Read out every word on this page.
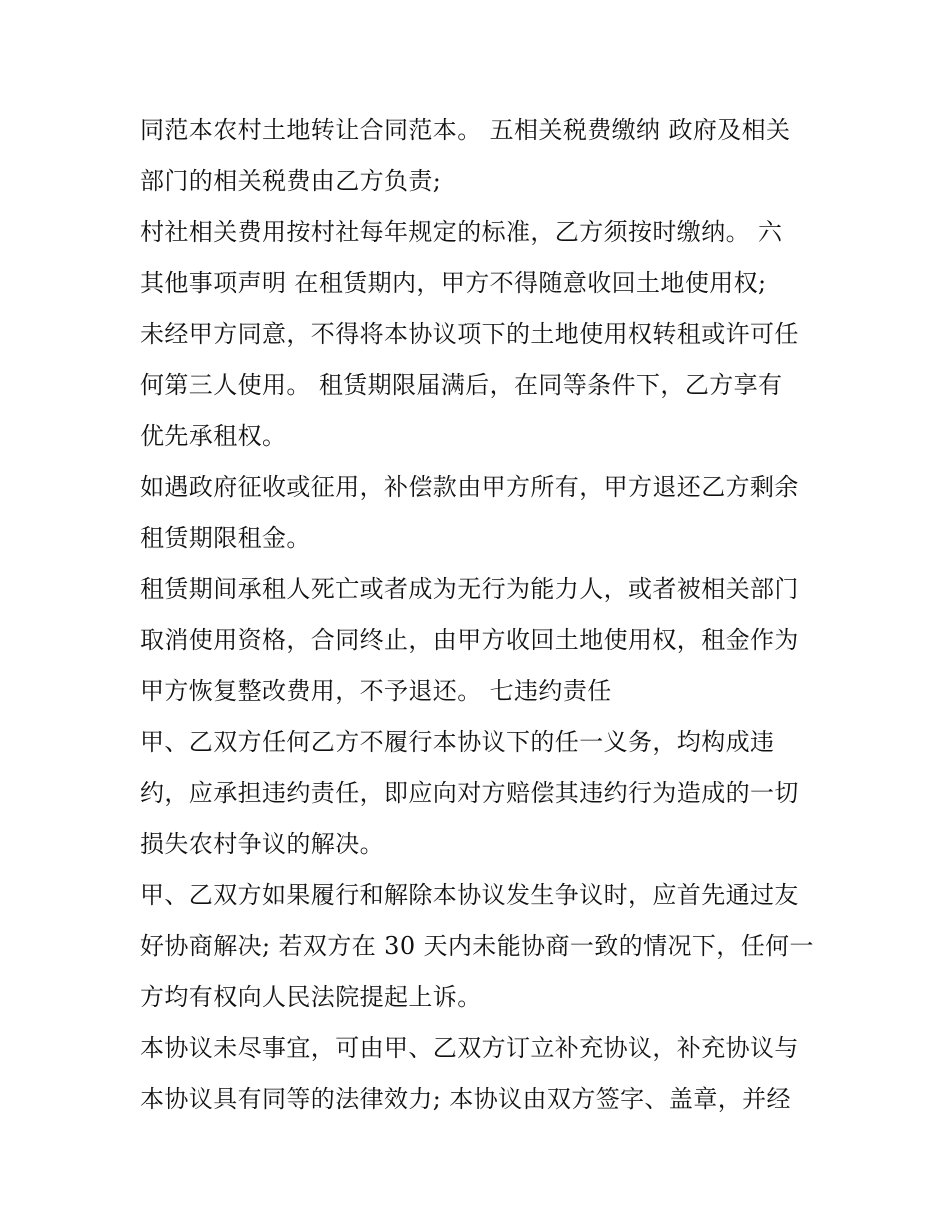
同范本农村土地转让合同范本。 五相关税费缴纳 政府及相关
部门的相关税费由乙方负责;
村社相关费用按村社每年规定的标准，乙方须按时缴纳。 六
其他事项声明 在租赁期内，甲方不得随意收回土地使用权;
未经甲方同意，不得将本协议项下的土地使用权转租或许可任
何第三人使用。 租赁期限届满后，在同等条件下，乙方享有
优先承租权。
如遇政府征收或征用，补偿款由甲方所有，甲方退还乙方剩余
租赁期限租金。
租赁期间承租人死亡或者成为无行为能力人，或者被相关部门
取消使用资格，合同终止，由甲方收回土地使用权，租金作为
甲方恢复整改费用，不予退还。 七违约责任
甲、乙双方任何乙方不履行本协议下的任一义务，均构成违
约，应承担违约责任，即应向对方赔偿其违约行为造成的一切
损失农村争议的解决。
甲、乙双方如果履行和解除本协议发生争议时，应首先通过友
好协商解决; 若双方在 30 天内未能协商一致的情况下，任何一
方均有权向人民法院提起上诉。
本协议未尽事宜，可由甲、乙双方订立补充协议，补充协议与
本协议具有同等的法律效力; 本协议由双方签字、盖章，并经
